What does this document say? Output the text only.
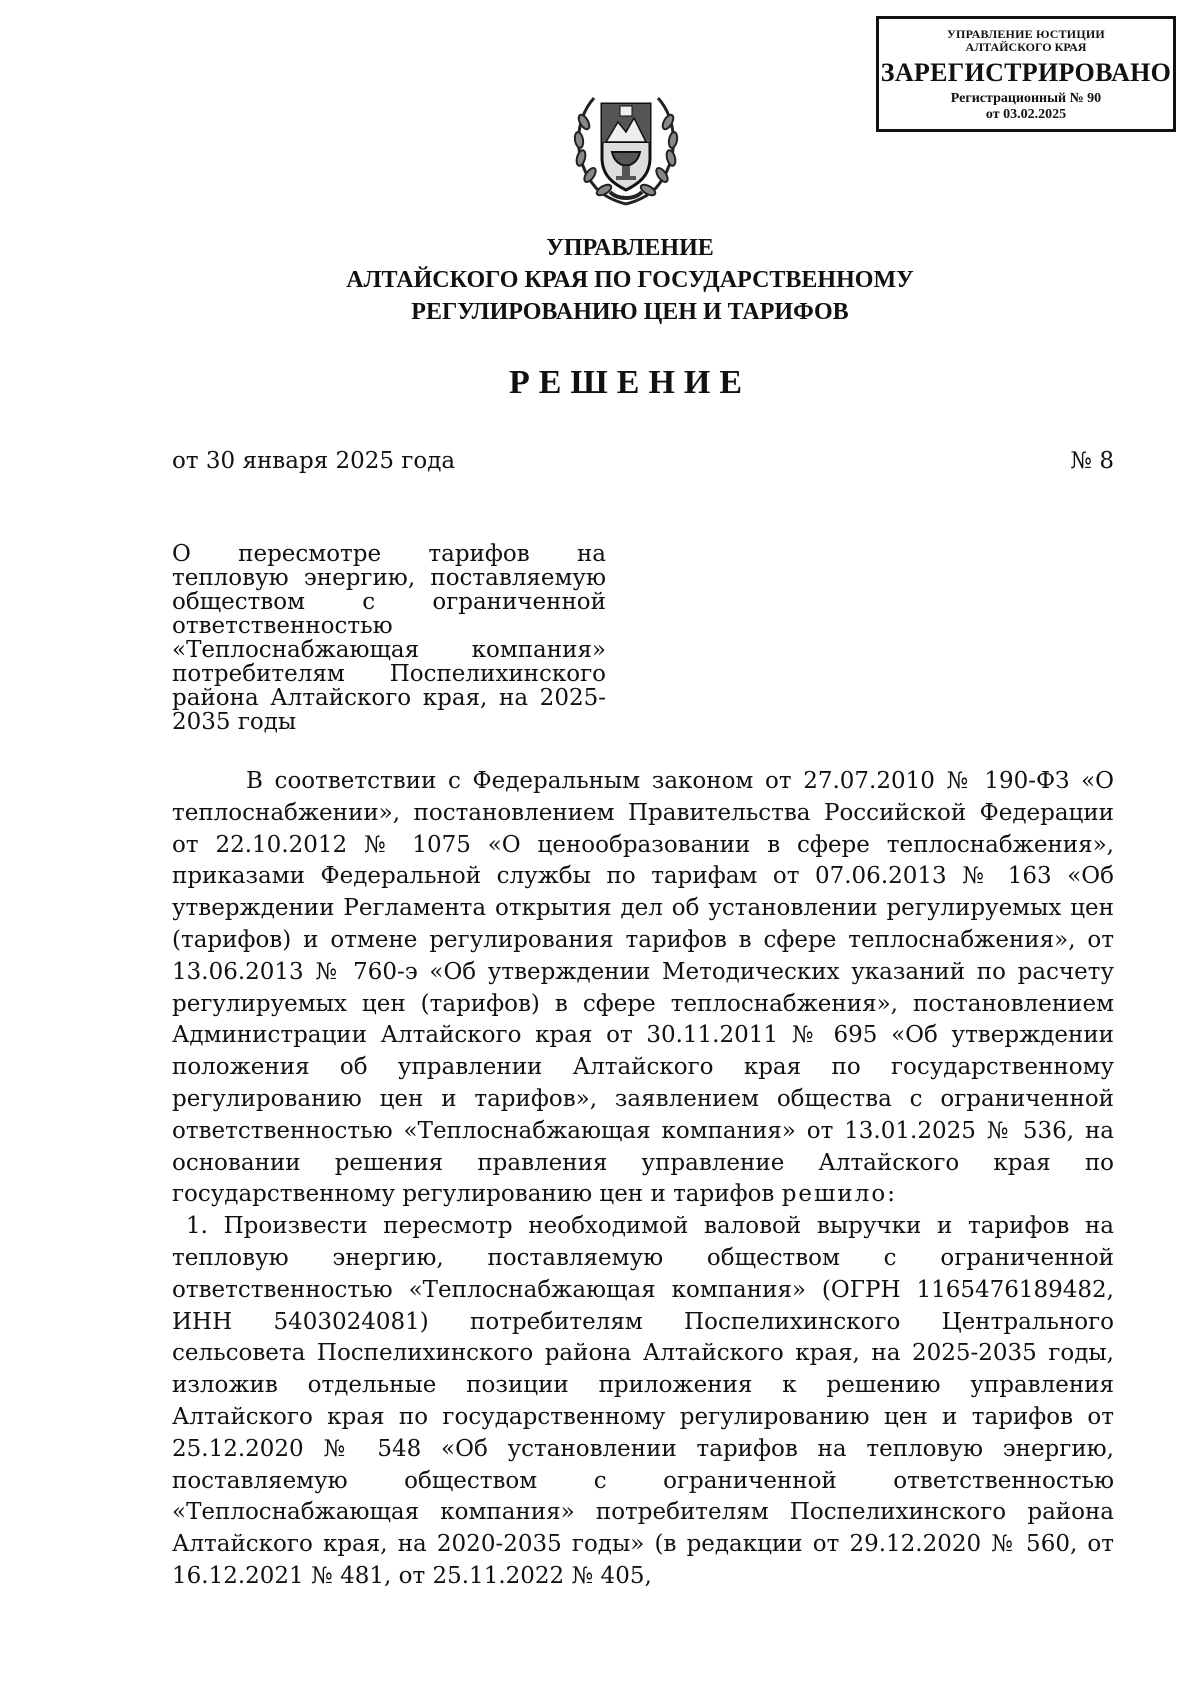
УПРАВЛЕНИЕ ЮСТИЦИИ
АЛТАЙСКОГО КРАЯ
ЗАРЕГИСТРИРОВАНО
Регистрационный № 90
от 03.02.2025
УПРАВЛЕНИЕ
АЛТАЙСКОГО КРАЯ ПО ГОСУДАРСТВЕННОМУ
РЕГУЛИРОВАНИЮ ЦЕН И ТАРИФОВ
РЕШЕНИЕ
от 30 января 2025 года	№ 8
О пересмотре тарифов на тепловую энергию, поставляемую обществом с ограниченной ответственностью «Теплоснабжающая компания» потребителям Поспелихинского района Алтайского края, на 2025-2035 годы

В соответствии с Федеральным законом от 27.07.2010 № 190-ФЗ «О теплоснабжении», постановлением Правительства Российской Федерации от 22.10.2012 № 1075 «О ценообразовании в сфере теплоснабжения», приказами Федеральной службы по тарифам от 07.06.2013 № 163 «Об утверждении Регламента открытия дел об установлении регулируемых цен (тарифов) и отмене регулирования тарифов в сфере теплоснабжения», от 13.06.2013 № 760-э «Об утверждении Методических указаний по расчету регулируемых цен (тарифов) в сфере теплоснабжения», постановлением Администрации Алтайского края от 30.11.2011 № 695 «Об утверждении положения об управлении Алтайского края по государственному регулированию цен и тарифов», заявлением общества с ограниченной ответственностью «Теплоснабжающая компания» от 13.01.2025 № 536, на основании решения правления управление Алтайского края по государственному регулированию цен и тарифов решило:

1. Произвести пересмотр необходимой валовой выручки и тарифов на тепловую энергию, поставляемую обществом с ограниченной ответственностью «Теплоснабжающая компания» (ОГРН 1165476189482, ИНН 5403024081) потребителям Поспелихинского Центрального сельсовета Поспелихинского района Алтайского края, на 2025-2035 годы, изложив отдельные позиции приложения к решению управления Алтайского края по государственному регулированию цен и тарифов от 25.12.2020 № 548 «Об установлении тарифов на тепловую энергию, поставляемую обществом с ограниченной ответственностью «Теплоснабжающая компания» потребителям Поспелихинского района Алтайского края, на 2020-2035 годы» (в редакции от 29.12.2020 № 560, от 16.12.2021 № 481, от 25.11.2022 № 405,
